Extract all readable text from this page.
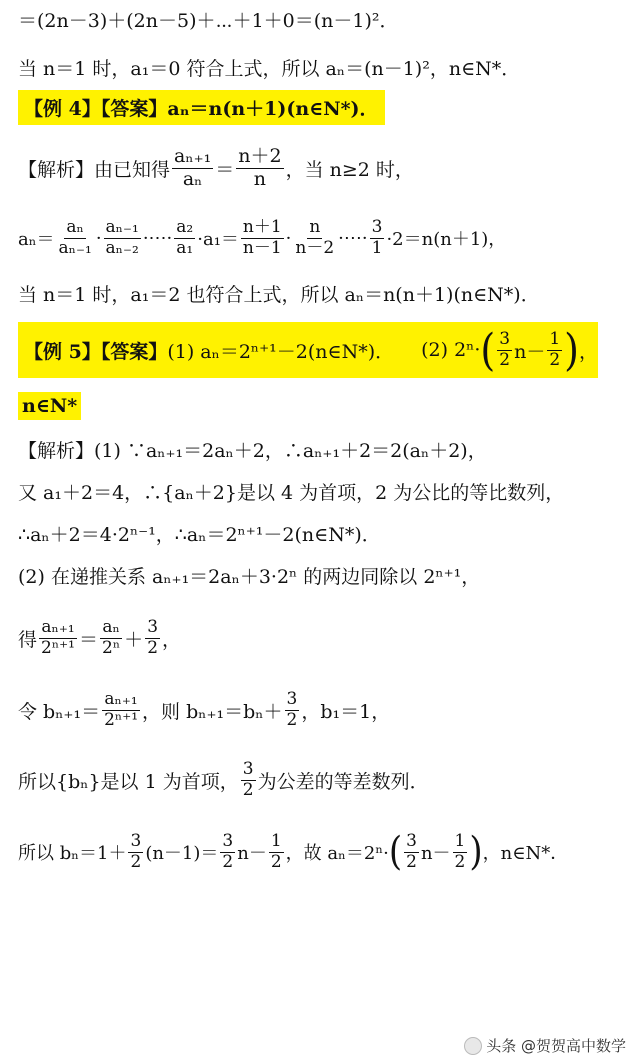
＝(2n－3)＋(2n－5)＋⋯＋1＋0＝(n－1)²．
当 n＝1 时，a₁＝0 符合上式，所以 aₙ＝(n－1)²，n∈N*．
【例 4】【答案】aₙ＝n(n＋1)(n∈N*)．
【解析】由已知得 $\frac{\text{aₙ₊₁}}{\text{aₙ}} = \frac{n+2}{n}$ ，当 n≥2 时，
$a_n= \frac{\text{aₙ}}{\text{aₙ₋₁}} \cdot \frac{\text{aₙ₋₁}}{\text{aₙ₋₂}}$ ·⋯· $\frac{\text{a₂}}{\text{a₁}} \cdot a_1= \frac{n+1}{n-1} \cdot \frac{n}{n-2}$ ·⋯· $\frac{3}{1} \cdot 2=n(n+1)$，
当 n＝1 时，a₁＝2 也符合上式，所以 aₙ＝n(n＋1)(n∈N*)．
【例 5】【答案】 (1) aₙ＝2ⁿ⁺¹－2(n∈N*)． (2) 2ⁿ· ( $\frac{3}{2} n- \frac{1}{2}$ ) ，
n∈N*
【解析】(1) ∵aₙ₊₁＝2aₙ＋2，∴aₙ₊₁＋2＝2(aₙ＋2)，
又 a₁＋2＝4，∴{aₙ＋2}是以 4 为首项，2 为公比的等比数列，
∴aₙ＋2＝4·2ⁿ⁻¹，∴aₙ＝2ⁿ⁺¹－2(n∈N*)．
(2) 在递推关系 aₙ₊₁＝2aₙ＋3·2ⁿ 的两边同除以 2ⁿ⁺¹，
得 $\frac{\text{aₙ₊₁}}{\text{2ⁿ⁺¹}} = \frac{\text{aₙ}}{\text{2ⁿ}} + \frac{3}{2}$ ，
令 $b_{n+1}= \frac{\text{aₙ₊₁}}{\text{2ⁿ⁺¹}}$ ，则 $b_{n+1}=b_n+ \frac{3}{2}$ ，b₁＝1，
所以{bₙ}是以 1 为首项， $\frac{3}{2}$ 为公差的等差数列．
所以 $b_n=1+ \frac{3}{2} (n-1)= \frac{3}{2} n- \frac{1}{2}$ ，故 aₙ＝2ⁿ· ( $\frac{3}{2} n- \frac{1}{2}$ ) ，n∈N*．
头条 @贺贺高中数学
